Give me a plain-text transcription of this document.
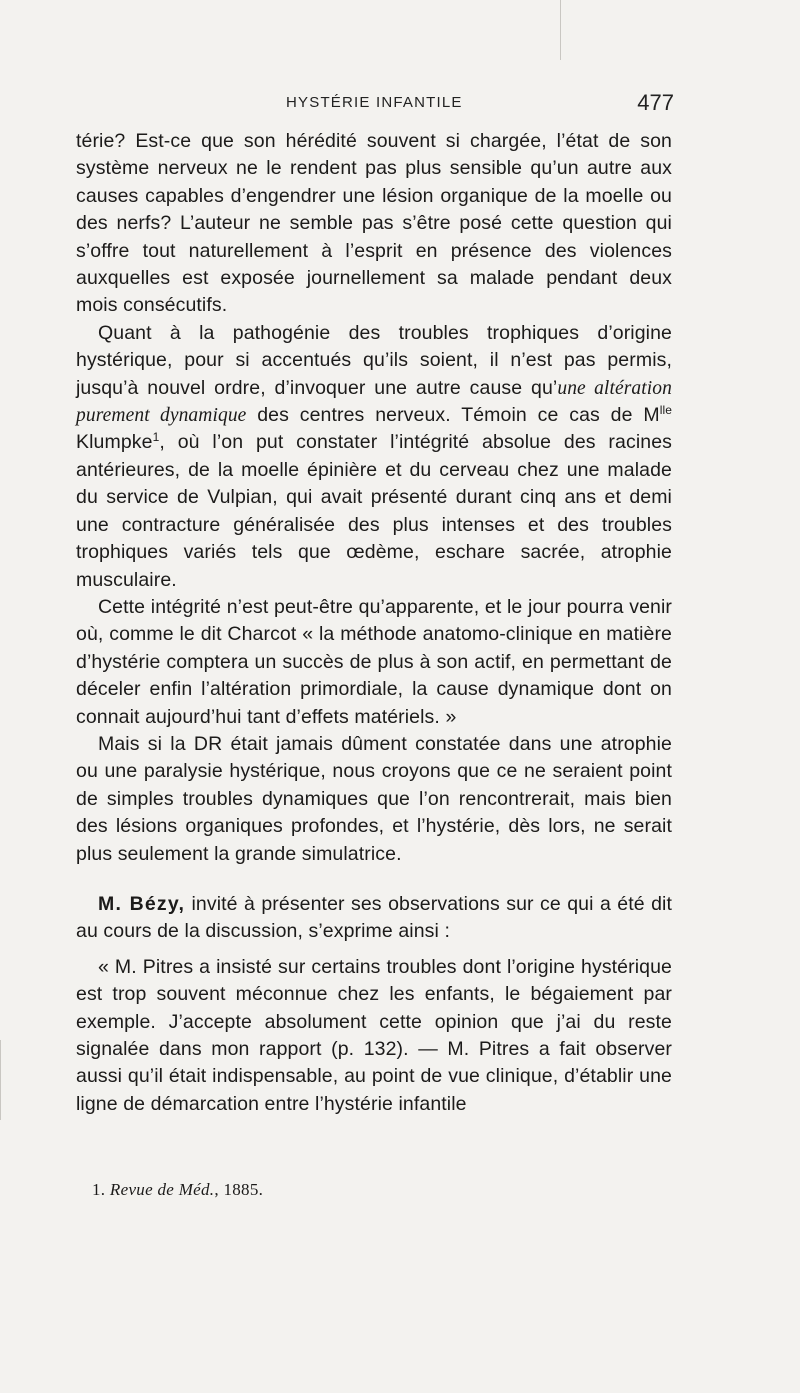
HYSTÉRIE INFANTILE	477

térie? Est-ce que son hérédité souvent si chargée, l’état de son système nerveux ne le rendent pas plus sensible qu’un autre aux causes capables d’engendrer une lésion organique de la moelle ou des nerfs? L’auteur ne semble pas s’être posé cette question qui s’offre tout naturellement à l’esprit en présence des violences auxquelles est exposée journellement sa malade pendant deux mois consécutifs.

Quant à la pathogénie des troubles trophiques d’origine hystérique, pour si accentués qu’ils soient, il n’est pas permis, jusqu’à nouvel ordre, d’invoquer une autre cause qu’une altération purement dynamique des centres nerveux. Témoin ce cas de $M^{lle}$ Klumpke$^1$, où l’on put constater l’intégrité absolue des racines antérieures, de la moelle épinière et du cerveau chez une malade du service de Vulpian, qui avait présenté durant cinq ans et demi une contracture généralisée des plus intenses et des troubles trophiques variés tels que œdème, eschare sacrée, atrophie musculaire.

Cette intégrité n’est peut-être qu’apparente, et le jour pourra venir où, comme le dit Charcot « la méthode anatomo-clinique en matière d’hystérie comptera un succès de plus à son actif, en permettant de déceler enfin l’altération primordiale, la cause dynamique dont on connait aujourd’hui tant d’effets matériels. »

Mais si la DR était jamais dûment constatée dans une atrophie ou une paralysie hystérique, nous croyons que ce ne seraient point de simples troubles dynamiques que l’on rencontrerait, mais bien des lésions organiques profondes, et l’hystérie, dès lors, ne serait plus seulement la grande simulatrice.

M. Bézy, invité à présenter ses observations sur ce qui a été dit au cours de la discussion, s’exprime ainsi :

« M. Pitres a insisté sur certains troubles dont l’origine hystérique est trop souvent méconnue chez les enfants, le bégaiement par exemple. J’accepte absolument cette opinion que j’ai du reste signalée dans mon rapport (p. 132). — M. Pitres a fait observer aussi qu’il était indispensable, au point de vue clinique, d’établir une ligne de démarcation entre l’hystérie infantile

1. Revue de Méd., 1885.
